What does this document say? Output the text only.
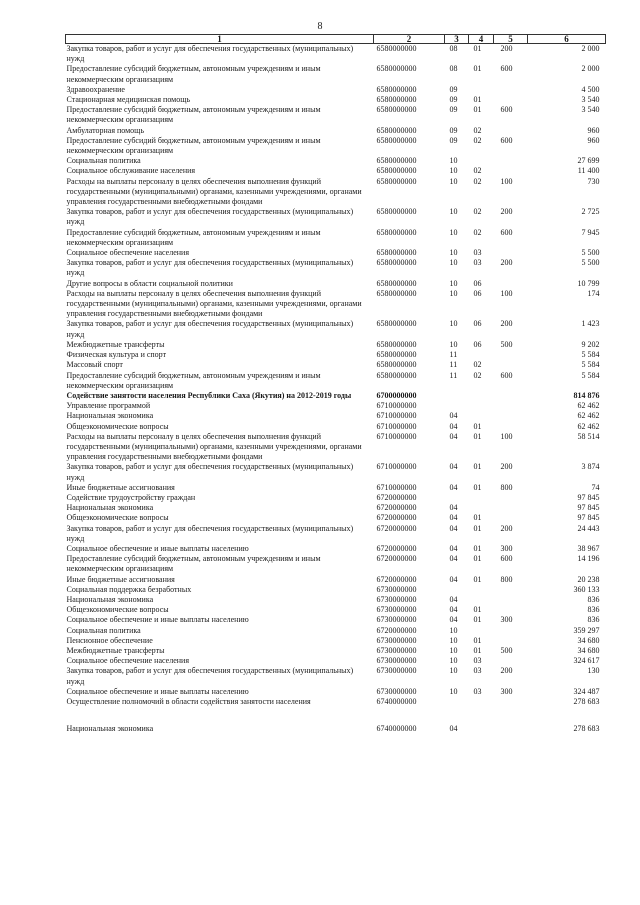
8
1	2	3	4	5	6
Закупка товаров, работ и услуг для обеспечения государственных (муниципальных) нужд	6580000000	08	01	200	2 000
Предоставление субсидий бюджетным, автономным учреждениям и иным некоммерческим организациям	6580000000	08	01	600	2 000
Здравоохранение	6580000000	09			4 500
Стационарная медицинская помощь	6580000000	09	01		3 540
Предоставление субсидий бюджетным, автономным учреждениям и иным некоммерческим организациям	6580000000	09	01	600	3 540
Амбулаторная помощь	6580000000	09	02		960
Предоставление субсидий бюджетным, автономным учреждениям и иным некоммерческим организациям	6580000000	09	02	600	960
Социальная политика	6580000000	10			27 699
Социальное обслуживание населения	6580000000	10	02		11 400
Расходы на выплаты персоналу в целях обеспечения выполнения функций государственными (муниципальными) органами, казенными учреждениями, органами управления государственными внебюджетными фондами	6580000000	10	02	100	730
Закупка товаров, работ и услуг для обеспечения государственных (муниципальных) нужд	6580000000	10	02	200	2 725
Предоставление субсидий бюджетным, автономным учреждениям и иным некоммерческим организациям	6580000000	10	02	600	7 945
Социальное обеспечение населения	6580000000	10	03		5 500
Закупка товаров, работ и услуг для обеспечения государственных (муниципальных) нужд	6580000000	10	03	200	5 500
Другие вопросы в области социальной политики	6580000000	10	06		10 799
Расходы на выплаты персоналу в целях обеспечения выполнения функций государственными (муниципальными) органами, казенными учреждениями, органами управления государственными внебюджетными фондами	6580000000	10	06	100	174
Закупка товаров, работ и услуг для обеспечения государственных (муниципальных) нужд	6580000000	10	06	200	1 423
Межбюджетные трансферты	6580000000	10	06	500	9 202
Физическая культура и спорт	6580000000	11			5 584
Массовый спорт	6580000000	11	02		5 584
Предоставление субсидий бюджетным, автономным учреждениям и иным некоммерческим организациям	6580000000	11	02	600	5 584
Содействие занятости населения Республики Саха (Якутия) на 2012-2019 годы	6700000000				814 876
Управление программой	6710000000				62 462
Национальная экономика	6710000000	04			62 462
Общеэкономические вопросы	6710000000	04	01		62 462
Расходы на выплаты персоналу в целях обеспечения выполнения функций государственными (муниципальными) органами, казенными учреждениями, органами управления государственными внебюджетными фондами	6710000000	04	01	100	58 514
Закупка товаров, работ и услуг для обеспечения государственных (муниципальных) нужд	6710000000	04	01	200	3 874
Иные бюджетные ассигнования	6710000000	04	01	800	74
Содействие трудоустройству граждан	6720000000				97 845
Национальная экономика	6720000000	04			97 845
Общеэкономические вопросы	6720000000	04	01		97 845
Закупка товаров, работ и услуг для обеспечения государственных (муниципальных) нужд	6720000000	04	01	200	24 443
Социальное обеспечение и иные выплаты населению	6720000000	04	01	300	38 967
Предоставление субсидий бюджетным, автономным учреждениям и иным некоммерческим организациям	6720000000	04	01	600	14 196
Иные бюджетные ассигнования	6720000000	04	01	800	20 238
Социальная поддержка безработных	6730000000				360 133
Национальная экономика	6730000000	04			836
Общеэкономические вопросы	6730000000	04	01		836
Социальное обеспечение и иные выплаты населению	6730000000	04	01	300	836
Социальная политика	6720000000	10			359 297
Пенсионное обеспечение	6730000000	10	01		34 680
Межбюджетные трансферты	6730000000	10	01	500	34 680
Социальное обеспечение населения	6730000000	10	03		324 617
Закупка товаров, работ и услуг для обеспечения государственных (муниципальных) нужд	6730000000	10	03	200	130
Социальное обеспечение и иные выплаты населению	6730000000	10	03	300	324 487
Осуществление полномочий в области содействия занятости населения	6740000000				278 683
Национальная экономика	6740000000	04			278 683
